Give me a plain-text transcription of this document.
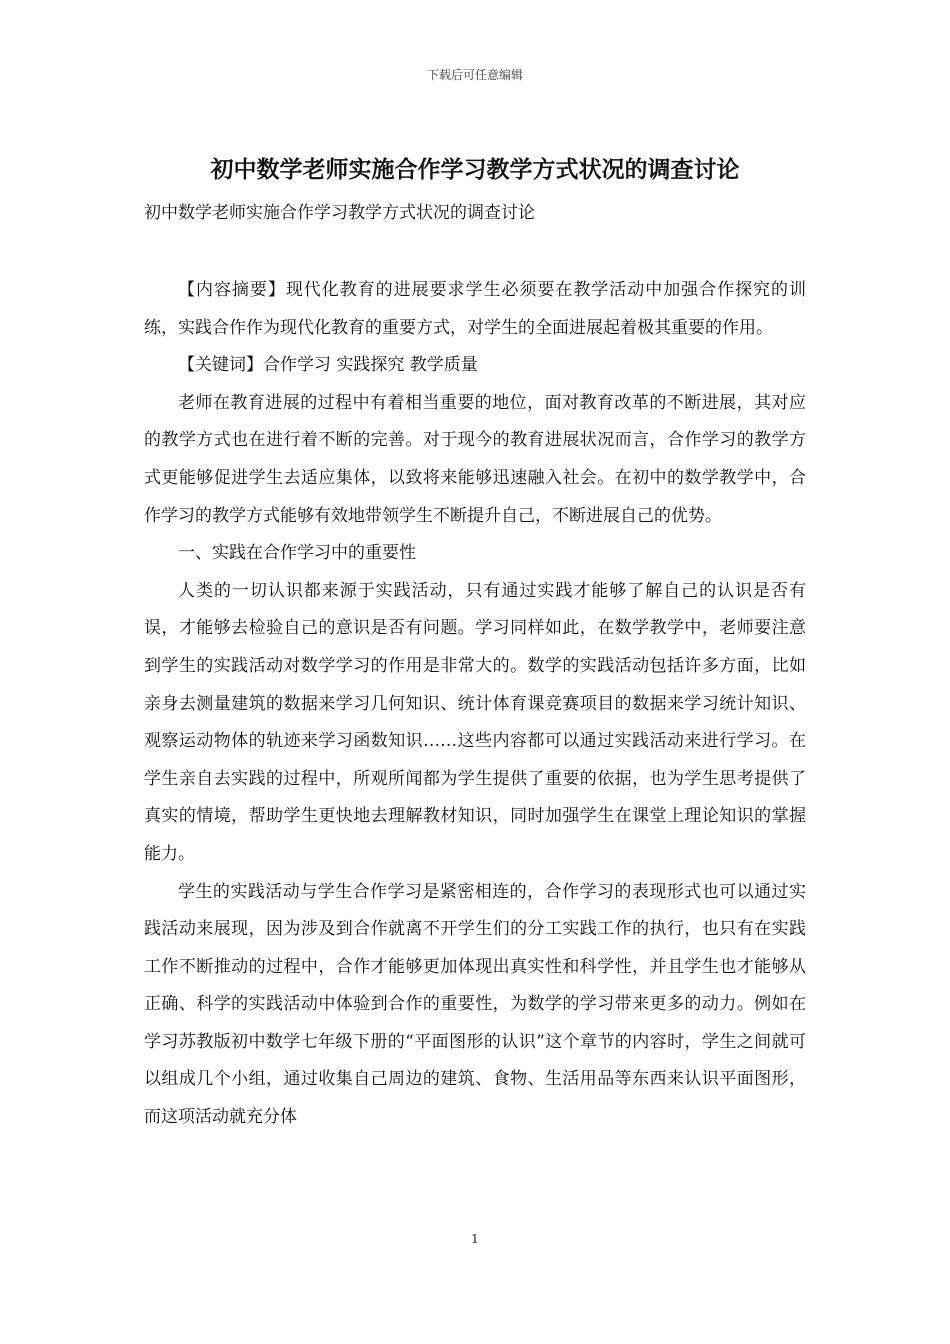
下载后可任意编辑
初中数学老师实施合作学习教学方式状况的调查讨论
初中数学老师实施合作学习教学方式状况的调查讨论

【内容摘要】现代化教育的进展要求学生必须要在教学活动中加强合作探究的训练，实践合作作为现代化教育的重要方式，对学生的全面进展起着极其重要的作用。

【关键词】合作学习 实践探究 教学质量

老师在教育进展的过程中有着相当重要的地位，面对教育改革的不断进展，其对应的教学方式也在进行着不断的完善。对于现今的教育进展状况而言，合作学习的教学方式更能够促进学生去适应集体，以致将来能够迅速融入社会。在初中的数学教学中，合作学习的教学方式能够有效地带领学生不断提升自己，不断进展自己的优势。

一、实践在合作学习中的重要性

人类的一切认识都来源于实践活动，只有通过实践才能够了解自己的认识是否有误，才能够去检验自己的意识是否有问题。学习同样如此，在数学教学中，老师要注意到学生的实践活动对数学学习的作用是非常大的。数学的实践活动包括许多方面，比如亲身去测量建筑的数据来学习几何知识、统计体育课竞赛项目的数据来学习统计知识、观察运动物体的轨迹来学习函数知识……这些内容都可以通过实践活动来进行学习。在学生亲自去实践的过程中，所观所闻都为学生提供了重要的依据，也为学生思考提供了真实的情境，帮助学生更快地去理解教材知识，同时加强学生在课堂上理论知识的掌握能力。

学生的实践活动与学生合作学习是紧密相连的，合作学习的表现形式也可以通过实践活动来展现，因为涉及到合作就离不开学生们的分工实践工作的执行，也只有在实践工作不断推动的过程中，合作才能够更加体现出真实性和科学性，并且学生也才能够从正确、科学的实践活动中体验到合作的重要性，为数学的学习带来更多的动力。例如在学习苏教版初中数学七年级下册的“平面图形的认识”这个章节的内容时，学生之间就可以组成几个小组，通过收集自己周边的建筑、食物、生活用品等东西来认识平面图形，而这项活动就充分体

1
